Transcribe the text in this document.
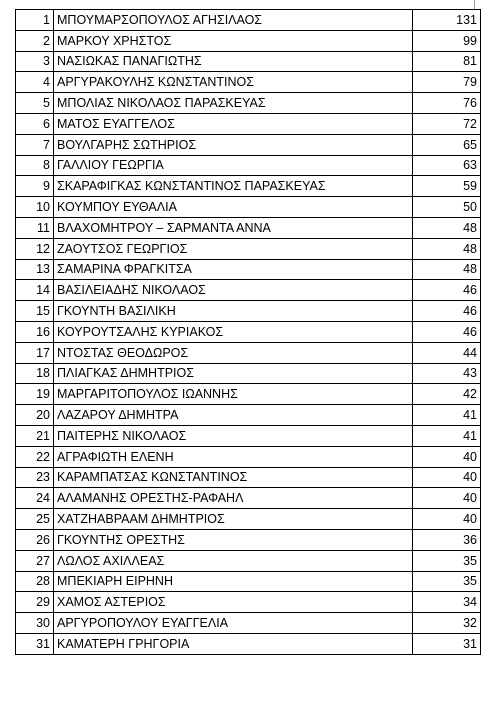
1	ΜΠΟΥΜΑΡΣΟΠΟΥΛΟΣ ΑΓΗΣΙΛΑΟΣ	131
2	ΜΑΡΚΟΥ ΧΡΗΣΤΟΣ	99
3	ΝΑΣΙΩΚΑΣ ΠΑΝΑΓΙΩΤΗΣ	81
4	ΑΡΓΥΡΑΚΟΥΛΗΣ ΚΩΝΣΤΑΝΤΙΝΟΣ	79
5	ΜΠΟΛΙΑΣ ΝΙΚΟΛΑΟΣ ΠΑΡΑΣΚΕΥΑΣ	76
6	ΜΑΤΟΣ ΕΥΑΓΓΕΛΟΣ	72
7	ΒΟΥΛΓΑΡΗΣ ΣΩΤΗΡΙΟΣ	65
8	ΓΑΛΛΙΟΥ ΓΕΩΡΓΙΑ	63
9	ΣΚΑΡΑΦΙΓΚΑΣ ΚΩΝΣΤΑΝΤΙΝΟΣ ΠΑΡΑΣΚΕΥΑΣ	59
10	ΚΟΥΜΠΟΥ ΕΥΘΑΛΙΑ	50
11	ΒΛΑΧΟΜΗΤΡΟΥ – ΣΑΡΜΑΝΤΑ ΑΝΝΑ	48
12	ΖΑΟΥΤΣΟΣ ΓΕΩΡΓΙΟΣ	48
13	ΣΑΜΑΡΙΝΑ ΦΡΑΓΚΙΤΣΑ	48
14	ΒΑΣΙΛΕΙΑΔΗΣ ΝΙΚΟΛΑΟΣ	46
15	ΓΚΟΥΝΤΗ ΒΑΣΙΛΙΚΗ	46
16	ΚΟΥΡΟΥΤΣΑΛΗΣ ΚΥΡΙΑΚΟΣ	46
17	ΝΤΟΣΤΑΣ ΘΕΟΔΩΡΟΣ	44
18	ΠΛΙΑΓΚΑΣ ΔΗΜΗΤΡΙΟΣ	43
19	ΜΑΡΓΑΡΙΤΟΠΟΥΛΟΣ ΙΩΑΝΝΗΣ	42
20	ΛΑΖΑΡΟΥ ΔΗΜΗΤΡΑ	41
21	ΠΑΙΤΕΡΗΣ ΝΙΚΟΛΑΟΣ	41
22	ΑΓΡΑΦΙΩΤΗ ΕΛΕΝΗ	40
23	ΚΑΡΑΜΠΑΤΣΑΣ ΚΩΝΣΤΑΝΤΙΝΟΣ	40
24	ΑΛΑΜΑΝΗΣ ΟΡΕΣΤΗΣ-ΡΑΦΑΗΛ	40
25	ΧΑΤΖΗΑΒΡΑΑΜ ΔΗΜΗΤΡΙΟΣ	40
26	ΓΚΟΥΝΤΗΣ ΟΡΕΣΤΗΣ	36
27	ΛΩΛΟΣ ΑΧΙΛΛΕΑΣ	35
28	ΜΠΕΚΙΑΡΗ ΕΙΡΗΝΗ	35
29	ΧΑΜΟΣ ΑΣΤΕΡΙΟΣ	34
30	ΑΡΓΥΡΟΠΟΥΛΟΥ ΕΥΑΓΓΕΛΙΑ	32
31	ΚΑΜΑΤΕΡΗ ΓΡΗΓΟΡΙΑ	31
